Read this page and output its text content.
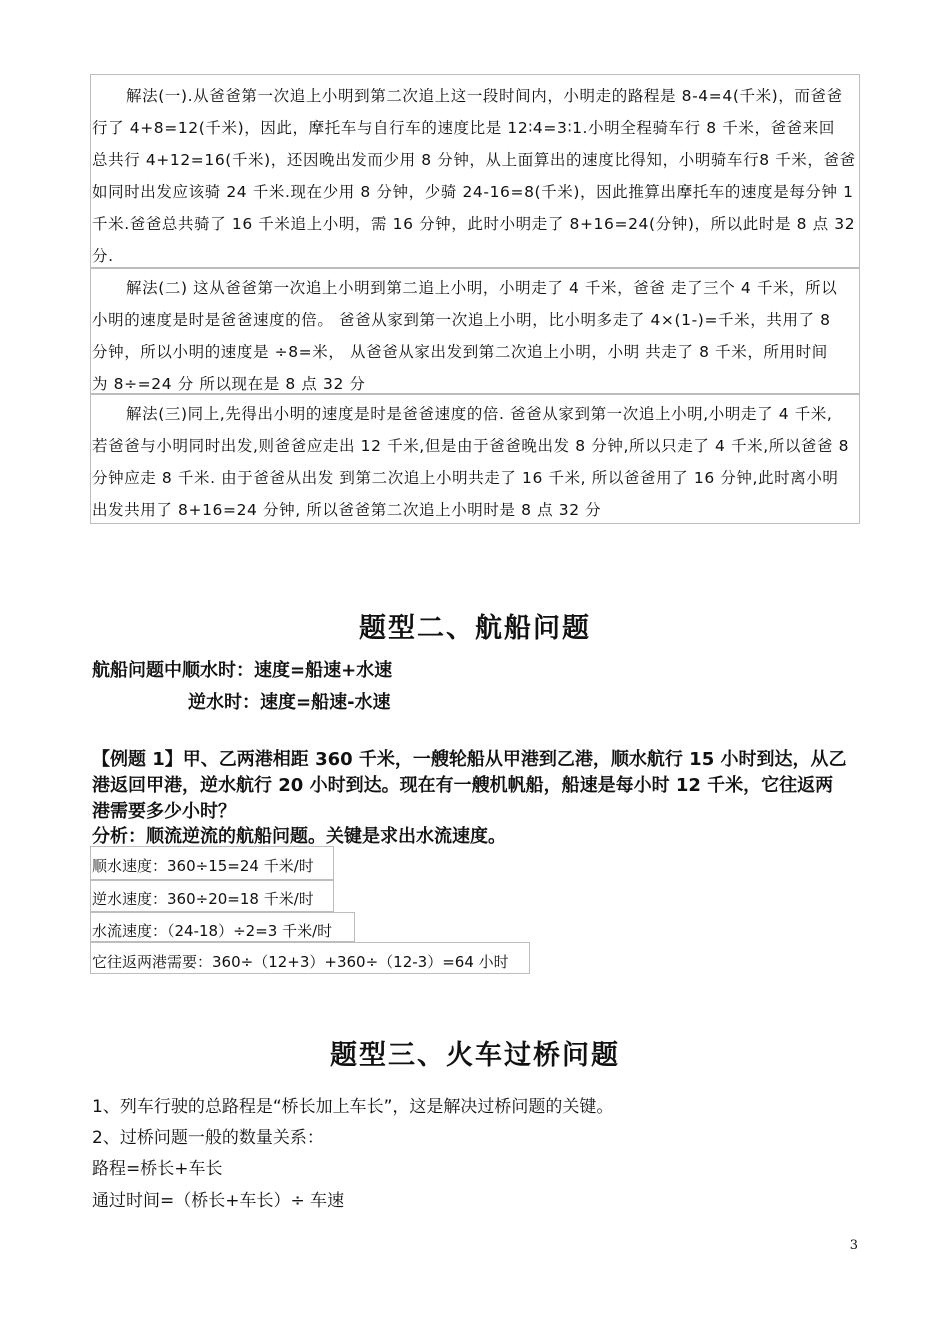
解法(一).从爸爸第一次追上小明到第二次追上这一段时间内，小明走的路程是 8-4=4(千米)，而爸爸
行了 4+8=12(千米)，因此，摩托车与自行车的速度比是 12∶4=3∶1.小明全程骑车行 8 千米，爸爸来回
总共行 4+12=16(千米)，还因晚出发而少用 8 分钟，从上面算出的速度比得知，小明骑车行8 千米，爸爸
如同时出发应该骑 24 千米.现在少用 8 分钟，少骑 24-16=8(千米)，因此推算出摩托车的速度是每分钟 1
千米.爸爸总共骑了 16 千米追上小明，需 16 分钟，此时小明走了 8+16=24(分钟)，所以此时是 8 点 32
分.
解法(二) 这从爸爸第一次追上小明到第二追上小明，小明走了 4 千米，爸爸 走了三个 4 千米，所以
小明的速度是时是爸爸速度的倍。 爸爸从家到第一次追上小明，比小明多走了 4×(1-)=千米，共用了 8
分钟，所以小明的速度是 ÷8=米， 从爸爸从家出发到第二次追上小明，小明 共走了 8 千米，所用时间
为 8÷=24 分 所以现在是 8 点 32 分
解法(三)同上,先得出小明的速度是时是爸爸速度的倍. 爸爸从家到第一次追上小明,小明走了 4 千米,
若爸爸与小明同时出发,则爸爸应走出 12 千米,但是由于爸爸晚出发 8 分钟,所以只走了 4 千米,所以爸爸 8
分钟应走 8 千米. 由于爸爸从出发 到第二次追上小明共走了 16 千米, 所以爸爸用了 16 分钟,此时离小明
出发共用了 8+16=24 分钟, 所以爸爸第二次追上小明时是 8 点 32 分
题型二、航船问题
航船问题中顺水时：速度=船速+水速
逆水时：速度=船速-水速
【例题 1】甲、乙两港相距 360 千米，一艘轮船从甲港到乙港，顺水航行 15 小时到达，从乙
港返回甲港，逆水航行 20 小时到达。现在有一艘机帆船，船速是每小时 12 千米，它往返两
港需要多少小时？
分析：顺流逆流的航船问题。关键是求出水流速度。
顺水速度：360÷15=24 千米/时
逆水速度：360÷20=18 千米/时
水流速度：（24-18）÷2=3 千米/时
它往返两港需要：360÷（12+3）+360÷（12-3）=64 小时
题型三、火车过桥问题
1、列车行驶的总路程是“桥长加上车长”，这是解决过桥问题的关键。
2、过桥问题一般的数量关系：
路程=桥长+车长
通过时间=（桥长+车长）÷ 车速
3
